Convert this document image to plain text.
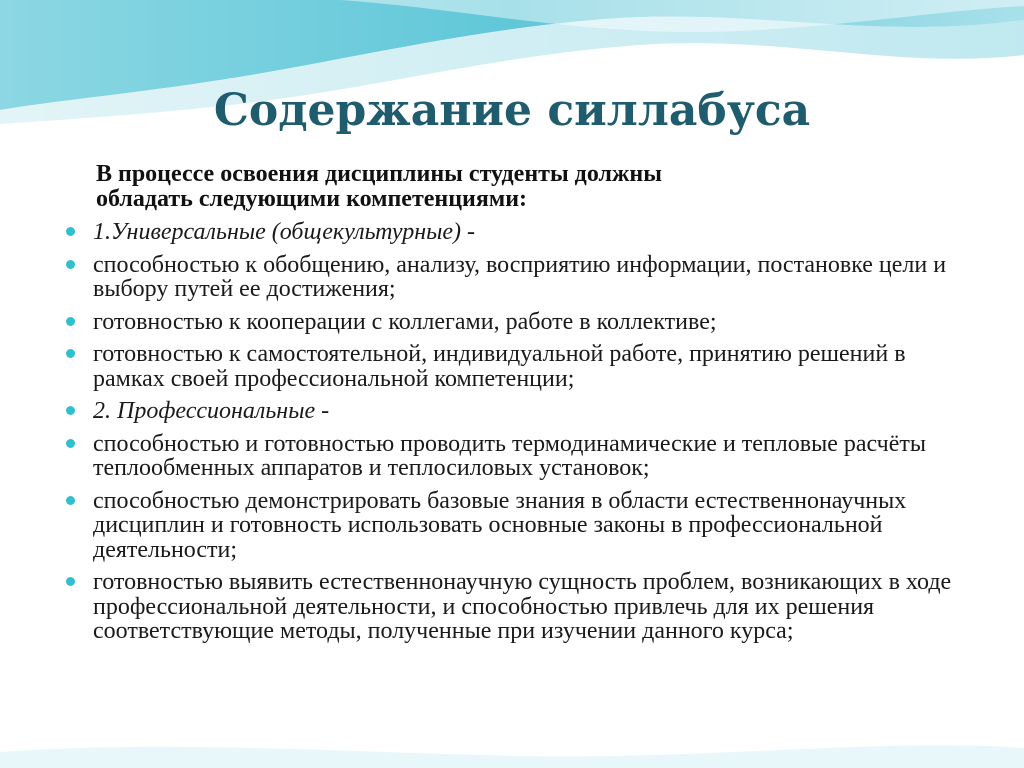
Содержание силлабуса
В процессе освоения дисциплины студенты должны
обладать следующими компетенциями:
1.Универсальные (общекультурные) -
способностью к обобщению, анализу, восприятию информации, постановке цели и выбору путей ее достижения;
готовностью к кооперации с коллегами, работе в коллективе;
готовностью к самостоятельной, индивидуальной работе, принятию решений в рамках своей профессиональной компетенции;
2. Профессиональные -
способностью и готовностью проводить термодинамические и тепловые расчёты теплообменных аппаратов и теплосиловых установок;
способностью демонстрировать базовые знания в области естественнонаучных дисциплин и готовность использовать основные законы в профессиональной деятельности;
готовностью выявить естественнонаучную сущность проблем, возникающих в ходе профессиональной деятельности, и способностью привлечь для их решения соответствующие методы, полученные при изучении данного курса;
